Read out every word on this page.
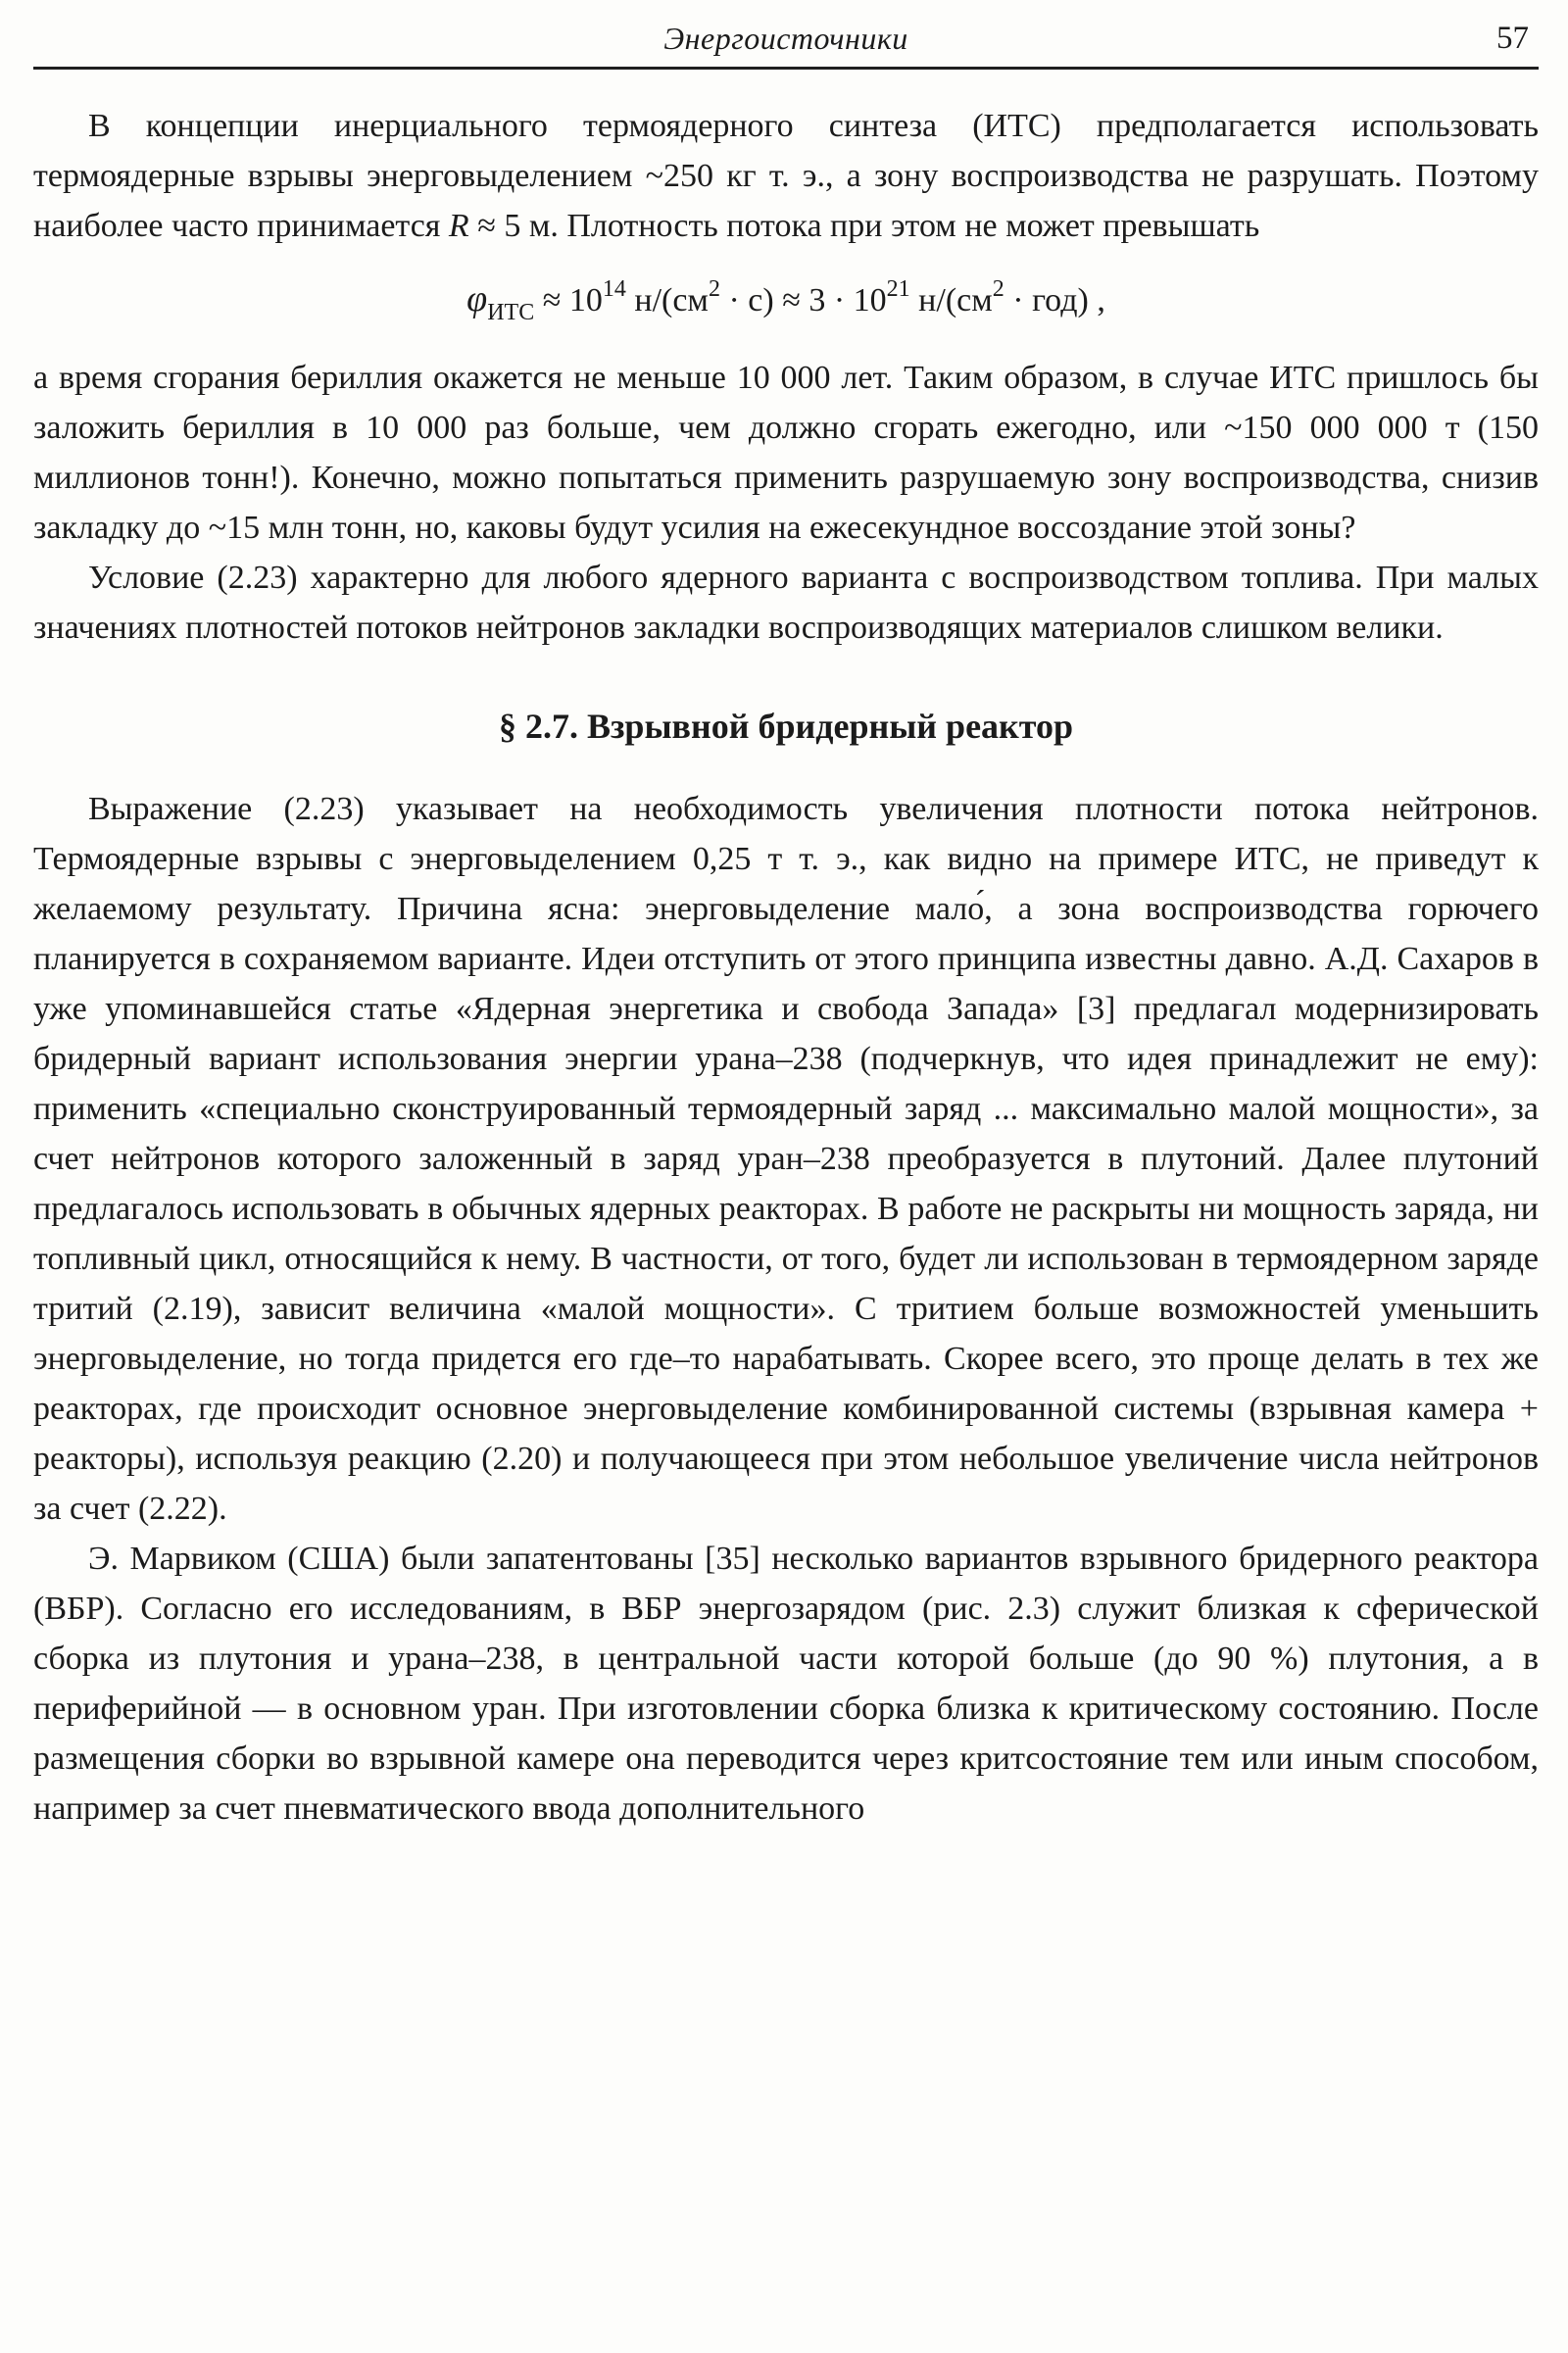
Энергоисточники	57

В концепции инерциального термоядерного синтеза (ИТС) предполагается использовать термоядерные взрывы энерговыделением ~250 кг т. э., а зону воспроизводства не разрушать. Поэтому наиболее часто принимается R ≈ 5 м. Плотность потока при этом не может превышать

$\varphi_{ИТС} \approx 10^{14}$ $н/(см^2 \cdot с) \approx 3 \cdot 10^{21}$ $н/(см^2 \cdot год)$ ,

а время сгорания бериллия окажется не меньше 10 000 лет. Таким образом, в случае ИТС пришлось бы заложить бериллия в 10 000 раз больше, чем должно сгорать ежегодно, или ~150 000 000 т (150 миллионов тонн!). Конечно, можно попытаться применить разрушаемую зону воспроизводства, снизив закладку до ~15 млн тонн, но, каковы будут усилия на ежесекундное воссоздание этой зоны?

Условие (2.23) характерно для любого ядерного варианта с воспроизводством топлива. При малых значениях плотностей потоков нейтронов закладки воспроизводящих материалов слишком велики.

§ 2.7. Взрывной бридерный реактор

Выражение (2.23) указывает на необходимость увеличения плотности потока нейтронов. Термоядерные взрывы с энерговыделением 0,25 т т. э., как видно на примере ИТС, не приведут к желаемому результату. Причина ясна: энерговыделение мало́, а зона воспроизводства горючего планируется в сохраняемом варианте. Идеи отступить от этого принципа известны давно. А.Д. Сахаров в уже упоминавшейся статье «Ядерная энергетика и свобода Запада» [3] предлагал модернизировать бридерный вариант использования энергии урана–238 (подчеркнув, что идея принадлежит не ему): применить «специально сконструированный термоядерный заряд ... максимально малой мощности», за счет нейтронов которого заложенный в заряд уран–238 преобразуется в плутоний. Далее плутоний предлагалось использовать в обычных ядерных реакторах. В работе не раскрыты ни мощность заряда, ни топливный цикл, относящийся к нему. В частности, от того, будет ли использован в термоядерном заряде тритий (2.19), зависит величина «малой мощности». С тритием больше возможностей уменьшить энерговыделение, но тогда придется его где–то нарабатывать. Скорее всего, это проще делать в тех же реакторах, где происходит основное энерговыделение комбинированной системы (взрывная камера + реакторы), используя реакцию (2.20) и получающееся при этом небольшое увеличение числа нейтронов за счет (2.22).

Э. Марвиком (США) были запатентованы [35] несколько вариантов взрывного бридерного реактора (ВБР). Согласно его исследованиям, в ВБР энергозарядом (рис. 2.3) служит близкая к сферической сборка из плутония и урана–238, в центральной части которой больше (до 90 %) плутония, а в периферийной — в основном уран. При изготовлении сборка близка к критическому состоянию. После размещения сборки во взрывной камере она переводится через критсостояние тем или иным способом, например за счет пневматического ввода дополнительного
